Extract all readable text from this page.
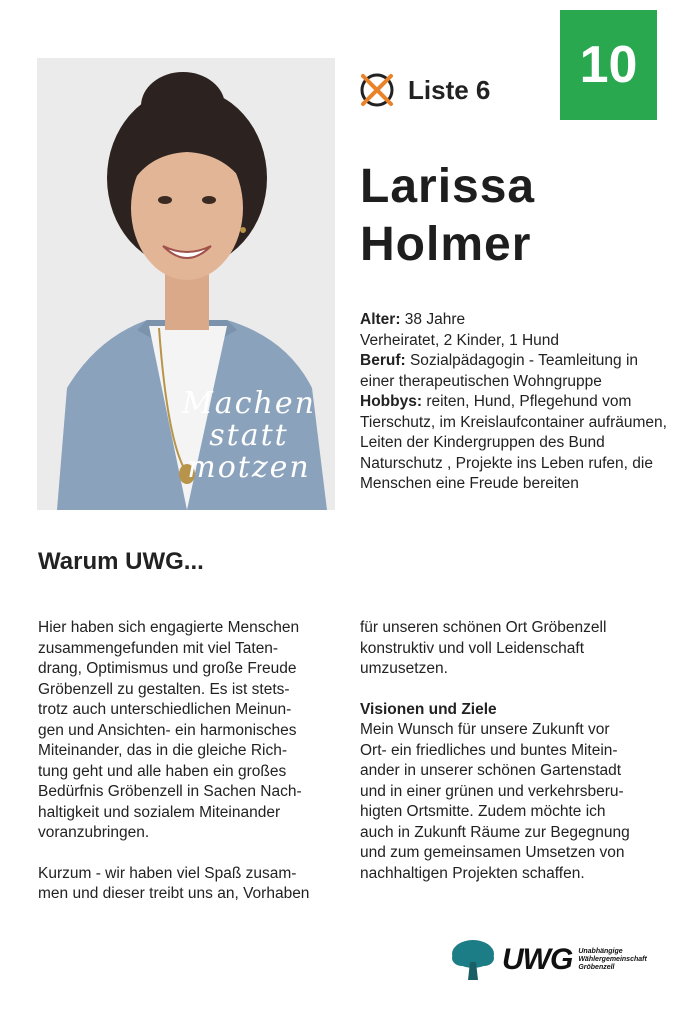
10
Machen
statt
motzen
Liste 6
Larissa
Holmer
Alter: 38 Jahre
Verheiratet, 2 Kinder, 1 Hund
Beruf: Sozialpädagogin - Teamleitung in einer therapeutischen Wohngruppe
Hobbys: reiten, Hund, Pflegehund vom Tierschutz, im Kreislaufcontainer aufräumen, Leiten der Kindergruppen des Bund Naturschutz , Projekte ins Leben rufen, die Menschen eine Freude bereiten
Warum UWG...

Hier haben sich engagierte Menschen
zusammengefunden mit viel Taten-
drang, Optimismus und große Freude
Gröbenzell zu gestalten. Es ist stets-
trotz auch unterschiedlichen Meinun-
gen und Ansichten- ein harmonisches
Miteinander, das in die gleiche Rich-
tung geht und alle haben ein großes
Bedürfnis Gröbenzell in Sachen Nach-
haltigkeit und sozialem Miteinander
voranzubringen.

Kurzum - wir haben viel Spaß zusam-
men und dieser treibt uns an, Vorhaben

für unseren schönen Ort Gröbenzell
konstruktiv und voll Leidenschaft
umzusetzen.

Visionen und Ziele

Mein Wunsch für unsere Zukunft vor
Ort- ein friedliches und buntes Mitein-
ander in unserer schönen Gartenstadt
und in einer grünen und verkehrsberu-
higten Ortsmitte. Zudem möchte ich
auch in Zukunft Räume zur Begegnung
und zum gemeinsamen Umsetzen von
nachhaltigen Projekten schaffen.

UWG Unabhängige
Wählergemeinschaft
Gröbenzell
